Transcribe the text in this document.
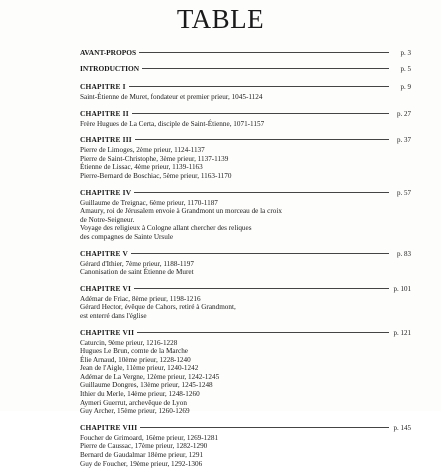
TABLE
AVANT-PROPOS	p. 3
INTRODUCTION	p. 5
CHAPITRE I	p. 9
Saint-Étienne de Muret, fondateur et premier prieur, 1045-1124
CHAPITRE II	p. 27
Frère Hugues de La Certa, disciple de Saint-Étienne, 1071-1157
CHAPITRE III	p. 37
Pierre de Limoges, 2ème prieur, 1124-1137
Pierre de Saint-Christophe, 3ème prieur, 1137-1139
Étienne de Lissac, 4ème prieur, 1139-1163
Pierre-Bernard de Boschiac, 5ème prieur, 1163-1170
CHAPITRE IV	p. 57
Guillaume de Treignac, 6ème prieur, 1170-1187
Amaury, roi de Jérusalem envoie à Grandmont un morceau de la croix
de Notre-Seigneur.
Voyage des religieux à Cologne allant chercher des reliques
des compagnes de Sainte Ursule
CHAPITRE V	p. 83
Gérard d'Ithier, 7ème prieur, 1188-1197
Canonisation de saint Étienne de Muret
CHAPITRE VI	p. 101
Adémar de Friac, 8ème prieur, 1198-1216
Gérard Hector, évêque de Cahors, retiré à Grandmont,
est enterré dans l'église
CHAPITRE VII	p. 121
Caturcin, 9ème prieur, 1216-1228
Hugues Le Brun, comte de la Marche
Élie Arnaud, 10ème prieur, 1228-1240
Jean de l'Aigle, 11ème prieur, 1240-1242
Adémar de La Vergne, 12ème prieur, 1242-1245
Guillaume Dongres, 13ème prieur, 1245-1248
Ithier du Merle, 14ème prieur, 1248-1260
Aymeri Guerrut, archevêque de Lyon
Guy Archer, 15ème prieur, 1260-1269
CHAPITRE VIII	p. 145
Foucher de Grimoard, 16ème prieur, 1269-1281
Pierre de Caussac, 17ème prieur, 1282-1290
Bernard de Gaudalmar 18ème prieur, 1291
Guy de Foucher, 19ème prieur, 1292-1306
